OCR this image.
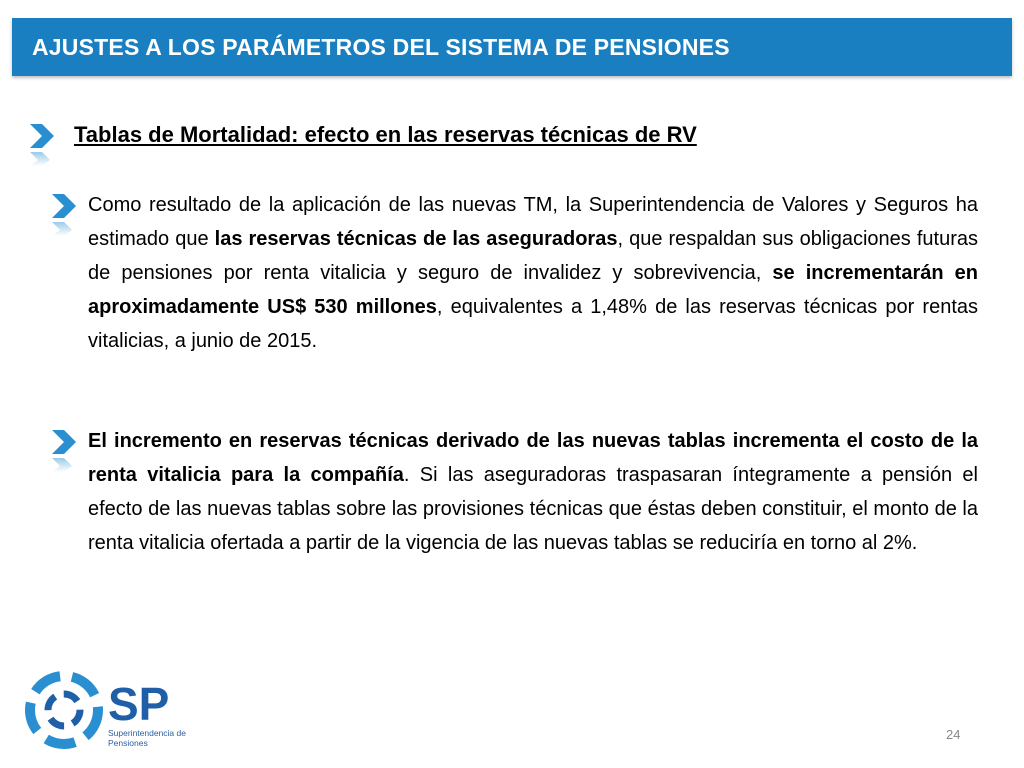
AJUSTES A LOS PARÁMETROS DEL SISTEMA DE PENSIONES
Tablas de Mortalidad: efecto en las reservas técnicas de RV
Como resultado de la aplicación de las nuevas TM, la Superintendencia de Valores y Seguros ha estimado que las reservas técnicas de las aseguradoras, que respaldan sus obligaciones futuras de pensiones por renta vitalicia y seguro de invalidez y sobrevivencia, se incrementarán en aproximadamente US$ 530 millones, equivalentes a 1,48% de las reservas técnicas por rentas vitalicias, a junio de 2015.
El incremento en reservas técnicas derivado de las nuevas tablas incrementa el costo de la renta vitalicia para la compañía. Si las aseguradoras traspasaran íntegramente a pensión el efecto de las nuevas tablas sobre las provisiones técnicas que éstas deben constituir, el monto de la renta vitalicia ofertada a partir de la vigencia de las nuevas tablas se reduciría en torno al 2%.
SP
Superintendencia de Pensiones
24
